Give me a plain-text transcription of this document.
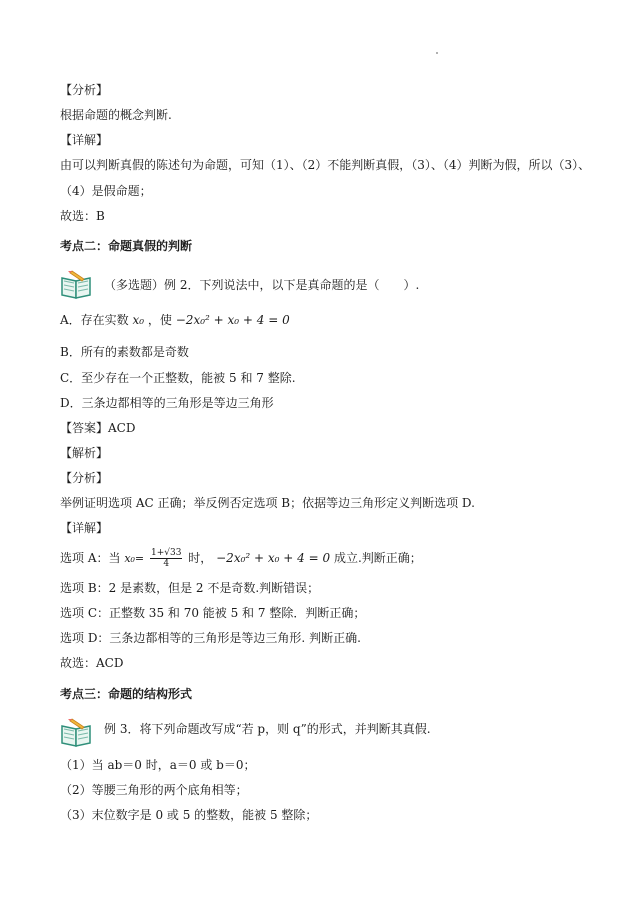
【分析】
根据命题的概念判断.
【详解】
由可以判断真假的陈述句为命题，可知（1）、（2）不能判断真假，（3）、（4）判断为假，所以（3）、
（4）是假命题；
故选：B
考点二：命题真假的判断
（多选题）例 2．下列说法中，以下是真命题的是（　　）.
A．存在实数 x₀ ，使 −2x₀² + x₀ + 4 = 0
B．所有的素数都是奇数
C．至少存在一个正整数，能被 5 和 7 整除.
D．三条边都相等的三角形是等边三角形
【答案】ACD
【解析】
【分析】
举例证明选项 AC 正确；举反例否定选项 B；依据等边三角形定义判断选项 D.
【详解】
选项 A：当 $x_0= \frac{1+√33}{4}$ 时， −2x₀² + x₀ + 4 = 0 成立.判断正确；
选项 B：2 是素数，但是 2 不是奇数.判断错误；
选项 C：正整数 35 和 70 能被 5 和 7 整除．判断正确；
选项 D：三条边都相等的三角形是等边三角形. 判断正确.
故选：ACD
考点三：命题的结构形式
例 3．将下列命题改写成“若 p，则 q”的形式，并判断其真假.
（1）当 ab＝0 时，a＝0 或 b＝0；
（2）等腰三角形的两个底角相等；
（3）末位数字是 0 或 5 的整数，能被 5 整除；
